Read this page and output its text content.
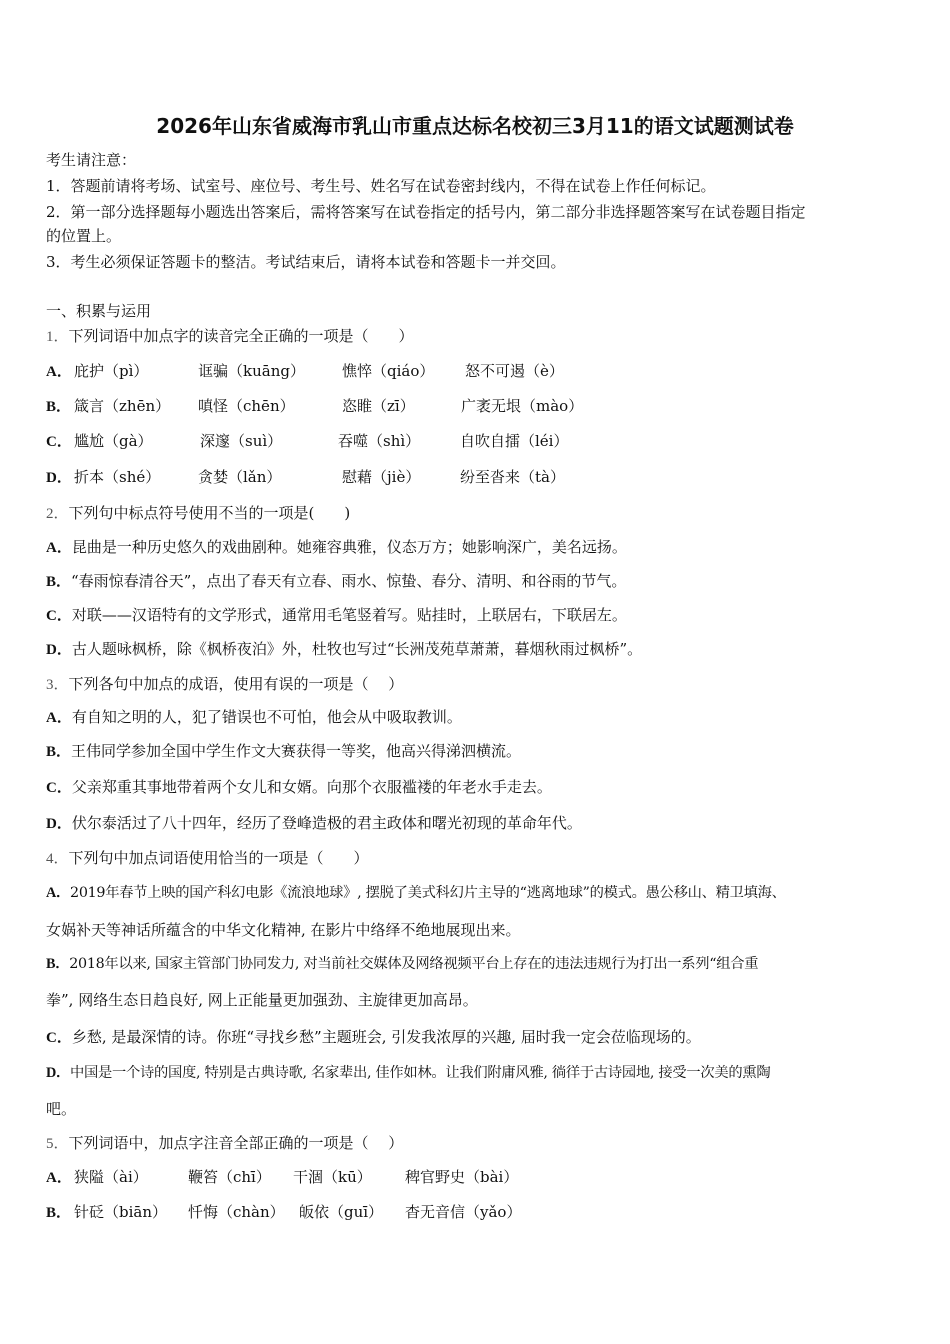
2026年山东省威海市乳山市重点达标名校初三3月11的语文试题测试卷
考生请注意：
1．答题前请将考场、试室号、座位号、考生号、姓名写在试卷密封线内，不得在试卷上作任何标记。
2．第一部分选择题每小题选出答案后，需将答案写在试卷指定的括号内，第二部分非选择题答案写在试卷题目指定
的位置上。
3．考生必须保证答题卡的整洁。考试结束后，请将本试卷和答题卡一并交回。
一、积累与运用
1．下列词语中加点字的读音完全正确的一项是（　　）
A． 庇护（pì）	诓骗（kuāng） 憔悴（qiáo） 怒不可遏（è）
B． 箴言（zhēn） 嗔怪（chēn）	恣睢（zī）	广袤无垠（mào）
C． 尴尬（gà）	深邃（suì）	吞噬（shì）	自吹自擂（léi）
D． 折本（shé）	贪婪（lǎn）	慰藉（jiè）	纷至沓来（tà）
2．下列句中标点符号使用不当的一项是(　　)
A．昆曲是一种历史悠久的戏曲剧种。她雍容典雅，仪态万方；她影响深广，美名远扬。
B．“春雨惊春清谷天”，点出了春天有立春、雨水、惊蛰、春分、清明、和谷雨的节气。
C．对联——汉语特有的文学形式，通常用毛笔竖着写。贴挂时，上联居右，下联居左。
D．古人题咏枫桥，除《枫桥夜泊》外，杜牧也写过“长洲茂苑草萧萧，暮烟秋雨过枫桥”。
3．下列各句中加点的成语，使用有误的一项是（　 ）
A．有自知之明的人，犯了错误也不可怕，他会从中吸取教训。
B．王伟同学参加全国中学生作文大赛获得一等奖，他高兴得涕泗横流。
C．父亲郑重其事地带着两个女儿和女婿。向那个衣服褴褛的年老水手走去。
D．伏尔泰活过了八十四年，经历了登峰造极的君主政体和曙光初现的革命年代。
4．下列句中加点词语使用恰当的一项是（　　）
A．2019年春节上映的国产科幻电影《流浪地球》, 摆脱了美式科幻片主导的“逃离地球”的模式。愚公移山、精卫填海、
女娲补天等神话所蕴含的中华文化精神, 在影片中络绎不绝地展现出来。
B．2018年以来, 国家主管部门协同发力, 对当前社交媒体及网络视频平台上存在的违法违规行为打出一系列“组合重
拳”, 网络生态日趋良好, 网上正能量更加强劲、主旋律更加高昂。
C．乡愁, 是最深情的诗。你班“寻找乡愁”主题班会, 引发我浓厚的兴趣, 届时我一定会莅临现场的。
D．中国是一个诗的国度, 特别是古典诗歌, 名家辈出, 佳作如林。让我们附庸风雅, 徜徉于古诗园地, 接受一次美的熏陶
吧。
5．下列词语中，加点字注音全部正确的一项是（　 ）
A． 狭隘（ài）	鞭笞（chī） 干涸（kū） 稗官野史（bài）
B． 针砭（biān） 忏悔（chàn） 皈依（guī） 杳无音信（yǎo）
